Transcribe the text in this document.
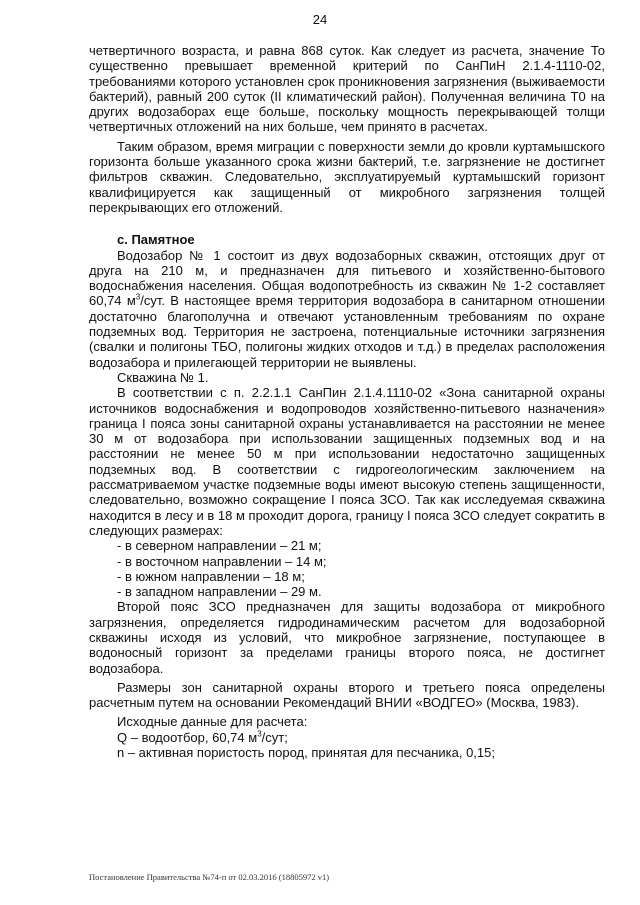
24

четвертичного возраста, и равна 868 суток. Как следует из расчета, значение То существенно превышает временной критерий по СанПиН 2.1.4-1110-02, требованиями которого установлен срок проникновения загрязнения (выживаемости бактерий), равный 200 суток (II климатический район). Полученная величина Т0 на других водозаборах еще больше, поскольку мощность перекрывающей толщи четвертичных отложений на них больше, чем принято в расчетах.

Таким образом, время миграции с поверхности земли до кровли куртамышского горизонта больше указанного срока жизни бактерий, т.е. загрязнение не достигнет фильтров скважин. Следовательно, эксплуатируемый куртамышский горизонт квалифицируется как защищенный от микробного загрязнения толщей перекрывающих его отложений.

с. Памятное

Водозабор № 1 состоит из двух водозаборных скважин, отстоящих друг от друга на 210 м, и предназначен для питьевого и хозяйственно-бытового водоснабжения населения. Общая водопотребность из скважин № 1-2 составляет 60,74 $м^3$/сут. В настоящее время территория водозабора в санитарном отношении достаточно благополучна и отвечают установленным требованиям по охране подземных вод. Территория не застроена, потенциальные источники загрязнения (свалки и полигоны ТБО, полигоны жидких отходов и т.д.) в пределах расположения водозабора и прилегающей территории не выявлены.

Скважина № 1.

В соответствии с п. 2.2.1.1 СанПин 2.1.4.1110-02 «Зона санитарной охраны источников водоснабжения и водопроводов хозяйственно-питьевого назначения» граница I пояса зоны санитарной охраны устанавливается на расстоянии не менее 30 м от водозабора при использовании защищенных подземных вод и на расстоянии не менее 50 м при использовании недостаточно защищенных подземных вод. В соответствии с гидрогеологическим заключением на рассматриваемом участке подземные воды имеют высокую степень защищенности, следовательно, возможно сокращение I пояса ЗСО. Так как исследуемая скважина находится в лесу и в 18 м проходит дорога, границу I пояса ЗСО следует сократить в следующих размерах:

- в северном направлении – 21 м;
- в восточном направлении – 14 м;
- в южном направлении – 18 м;
- в западном направлении – 29 м.

Второй пояс ЗСО предназначен для защиты водозабора от микробного загрязнения, определяется гидродинамическим расчетом для водозаборной скважины исходя из условий, что микробное загрязнение, поступающее в водоносный горизонт за пределами границы второго пояса, не достигнет водозабора.

Размеры зон санитарной охраны второго и третьего пояса определены расчетным путем на основании Рекомендаций ВНИИ «ВОДГЕО» (Москва, 1983).

Исходные данные для расчета:

Q – водоотбор, 60,74 $м^3$/сут;

n – активная пористость пород, принятая для песчаника, 0,15;

Постановление Правительства №74-п от 02.03.2016 (18805972 v1)
